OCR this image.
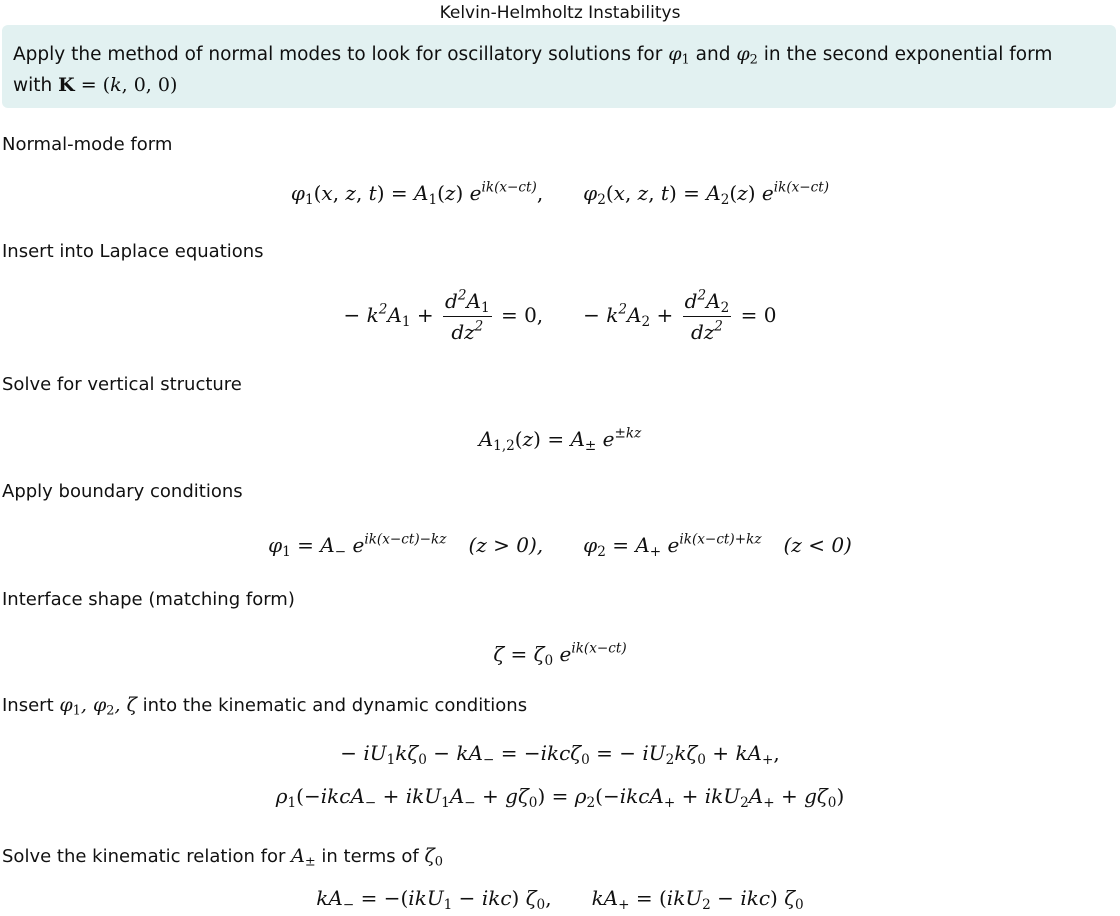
Kelvin-Helmholtz Instabilitys
Apply the method of normal modes to look for oscillatory solutions for $\varphi_1$ and $\varphi_2$ in the second exponential form
with K = (k, 0, 0)
Normal-mode form
$\varphi_1(x$, z, $t) = A_1(z)$ $e^{ik(x-ct)}$, $\varphi_2(x$, z, $t) = A_2(z)$ $e^{ik(x-ct)}$
Insert into Laplace equations
− $k^2A_1 + \frac{d^2A_1}{dz^2} = 0$, − $k^2A_2 + \frac{d^2A_2}{dz^2} = 0$
Solve for vertical structure
$A_{1,2}(z) = A_\pm$ $e^{\pm kz}$
Apply boundary conditions
$\varphi_1 = A_-$ $e^{ik(x-ct)-kz}$ (z > 0), $\varphi_2 = A_+$ $e^{ik(x-ct)+kz}$ (z < 0)
Interface shape (matching form)
$\zeta = \zeta_0$ $e^{ik(x-ct)}$
Insert $\varphi_1$, $\varphi_2$, ζ into the kinematic and dynamic conditions
− $iU_1k\zeta_0 - kA_- = -ikc\zeta_0$ = − $iU_2k\zeta_0 + kA_+$,
$\rho_1(-ikcA_- + ikU_1A_- + g\zeta_0)$ = $\rho_2(-ikcA_+ + ikU_2A_+ + g\zeta_0)$
Solve the kinematic relation for $A_\pm$ in terms of $\zeta_0$
$kA_- = -(ikU_1 - ikc)$ $\zeta_0$, $kA_+ = (ikU_2 - ikc)$ $\zeta_0$
